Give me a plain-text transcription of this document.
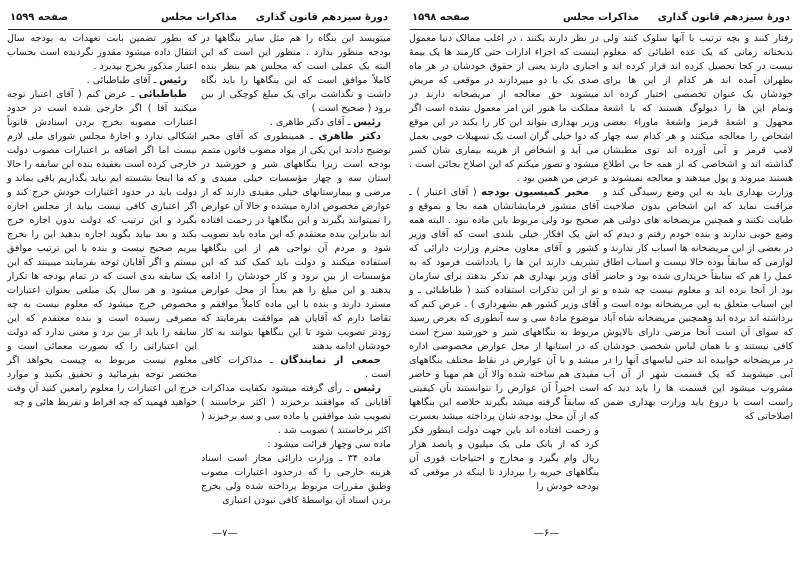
دورهٔ سیزدهم قانون گذاری
مذاکرات مجلس
صفحه ۱۵۹۹

میتویسد این بنگاه را هم مثل سایر بنگاهها در بودجه منظور بدارد . منظور این است که این البته یک عملی است که مجلس هم بنظر بنده کاملاً موافق است که این بنگاهها را باید نگاه داشت و نگذاشت برای یک مبلغ کوچکی از بین برود ( صحیح است )

رئیس ـ آقای دکتر طاهری .

دکتر طاهری ـ همینطوری که آقای مخبر توضیح دادند این یکی از مواد مصوب قانون متمم بودجه است زیرا بنگاههای شیر و خورشید در استان سه و چهار مؤسسات خیلی مفیدی و مرضی و بیمارستانهای خیلی مفیدی دارند که از عوارض مخصوص اداره میشده و حالا آن عوارض را نمیتوانند بگیرند و این بنگاهها در زحمت افتاده اند بنابراین بنده معتقدم که این ماده باید تصویب شود و مردم آن نواحی هم از این بنگاهها استفاده میکنند و دولت باید کمک کند که این مؤسسات از بین نرود و کار خودشان را ادامه بدهند و این مبلغ را هم بعداً از محل عوارض مسترد دارند و بنده با این ماده کاملاً موافقم و تقاضا دارم که آقایان هم موافقت بفرمایند که زودتر تصویب شود تا این بنگاهها بتوانند به کار خودشان ادامه بدهند

جمعی از نمایندگان ـ مذاکرات کافی است .

رئیس ـ رأی گرفته میشود بکفایت مذاکرات آقایانی که موافقند برخیزند ( اکثر برخاستند ) تصویب شد موافقین با ماده سی و سه برخیزند ( اکثر برخاستند ) تصویب شد .

ماده سی وچهار قرائت میشود :

ماده ۳۴ ـ وزارت دارائی مجاز است اسناد هزینه خارجی را که درحدود اعتبارات مصوب وطبق مقررات مربوط پرداخته شده ولی بخرج بردن اسناد آن بواسطهٔ کافی نبودن اعتباری

که بطور تضمین بابت تعهدات به بودجه سال انتقال داده میشود مقدور نگردیده است بحساب اعتبار مذکور بخرج بپذیرد .

رئیس ـ آقای طباطبائی .

طباطبائی ـ عرض کنم ( آقای اعتبار توجه میکنید آقا ) اگر خارجی شده است در حدود اعتبارات مصوبه بخرج بردن اسنادش قانوناً اشکالی ندارد و اجازهٔ مجلس شورای ملی لازم نیست اما اگر اضافه بر اعتبارات مصوب دولت خارجی کرده است بعقیده بنده این سابقه را حالا که ما اینجا نشسته ایم نباید بگذاریم باقی بماند و دولت باید در حدود اعتبارات خودش خرج کند و اگر اعتباری کافی نیست بیاید از مجلس اجازه بگیرد و این ترتیب که دولت بدون اجازه خرج بکند و بعد بیاید بگوید اجازه بدهید این را بخرج ببریم صحیح نیست و بنده با این ترتیب موافق نیستم و اگر آقایان توجه بفرمایند میبینند که این یک سابقه بدی است که در تمام بودجه ها تکرار میشود و هر سال یک مبلغی بعنوان اعتبارات مخصوص خرج میشود که معلوم نیست به چه مصرفی رسیده است و بنده معتقدم که این سابقه را باید از بین برد و معنی ندارد که دولت این اعتباراتی را که بصورت معمائی است و معلوم نیست مربوط به چیست بخواهد اگر مختصر توجه بفرمائید و تحقیق بکنید و موارد خرج این اعتبارات را معلوم رامعین کنید آن وقت خواهید فهمید که چه افراط و تفریط هائی و چه

—۷—
دورهٔ سیزدهم قانون گذاری
مذاکرات مجلس
صفحه ۱۵۹۸

رفتار کنند و بچه ترتیب با آنها سلوک کنند ولی بدبختانه زمانی که یک عده اطبائی که معلوم نیست در کجا تحصیل کرده اند فرار کرده اند و بطهران آمده اند هر کدام از این ها برای خودشان یک عنوان تخصصی اختیار کرده اند وتمام این ها را دیولوگ هستند که با اشعهٔ مجهول و اشعهٔ قرمز واشعهٔ ماوراء بعضی اشخاص را معالجه میکنند و هر کدام سه چهار لامپ قرمز و آبی آورده اند توی مطبشان گذاشته اند و اشخاصی که از همه جا بی اطلاع هستند میروند و پول میدهند و معالجه نمیشوند و وزارت بهداری باید به این وضع رسیدگی کند و مراقبت نماید که این اشخاص بدون صلاحیت طبابت نکنند و همچنین مریضخانه های دولتی هم وضع خوبی ندارند و بنده خودم رفتم و دیدم که در بعضی از این مریضخانه ها اسباب کار ندارند و لوازمی که سابقاً بوده حالا نیست و اسباب اطاق عمل را هم که سابقاً خریداری شده بود و حاضر بود از آنجا برده اند و معلوم نیست چه شده و این اسباب متعلق به این مریضخانه بوده است و برداشته اند برده اند وهمچنین مریضخانه شاه آباد که سوای آن است آنجا مرضی دارای بالاپوش کافی نیستند و با همان لباس شخصی خودشان در مریضخانه خوابیده اند حتی لباسهای آنها را در آبی میشویند که یک قسمت شهر از آن آب مشروب میشود این قسمت ها را باید دید که راست است یا دروغ باید وزارت بهداری ضمن اصلاحاتی که

در نظر دارند بکنند ، در اغلب ممالک دنیا معمول اینست که اجزاء ادارات حتی کارمند ها یک بیمهٔ اجباری دارند یعنی از حقوق خودشان در هر ماه صدی یک یا دو میپردازند در موقعی که مریض میشوند حق معالجه از مریضخانه دارند در مملکت ما هنوز این امر معمول نشده است اگر وزیر بهداری بتواند این کار را بکند در این موقع که دوا خیلی گران است یک تسهیلات خوبی بعمل می آید و اشخاص از هزینه بیماری شان کسر میشود و تصور میکنم که این اصلاح بجائی است . عرض من همین بود .

مخبر کمیسیون بودجه ( آقای اعتبار ) ـ آقای منشور فرمایشاتشان همه بجا و بموقع و صحیح بود ولی مربوط باین ماده نبود . البته همه اش یک افکار خیلی بلندی است که آقای وزیر کشور و آقای معاون محترم وزارت دارائی که تشریف دارند این ها را یادداشت فرمود که به آقای وزیر بهداری هم تذکر بدهند برای سازمان نو از این تذکرات استفاده کنند ( طباطبائی ـ و آقای وزیر کشور هم بشهرداری ) . عرض کنم که موضوع مادهٔ سی و سه آنطوری که بعرض رسید مربوط به بنگاههای شیر و خورشید سرخ است که در استانها از محل عوارض مخصوصی اداره میشد و با آن عوارض در نقاط مختلف بنگاههای مفیدی هم ساخته شده والا آن هم مهیا و حاضر است اخیراً آن عوارض را نتوانستند بآن کیفیتی که سابقاً گرفته میشد بگیرند خلاصه این بنگاهها که از آن محل بودجه شان پرداخته میشد بعسرت و زحمت افتاده اند باین جهت دولت اینطور فکر کرد که از بانک ملی یک میلیون و پانصد هزار ریال وام بگیرد و مخارج و احتیاجات فوری آن بنگاههای خیریه را بپردازد تا اینکه در موقعی که بودجه خودش را

—۶—
